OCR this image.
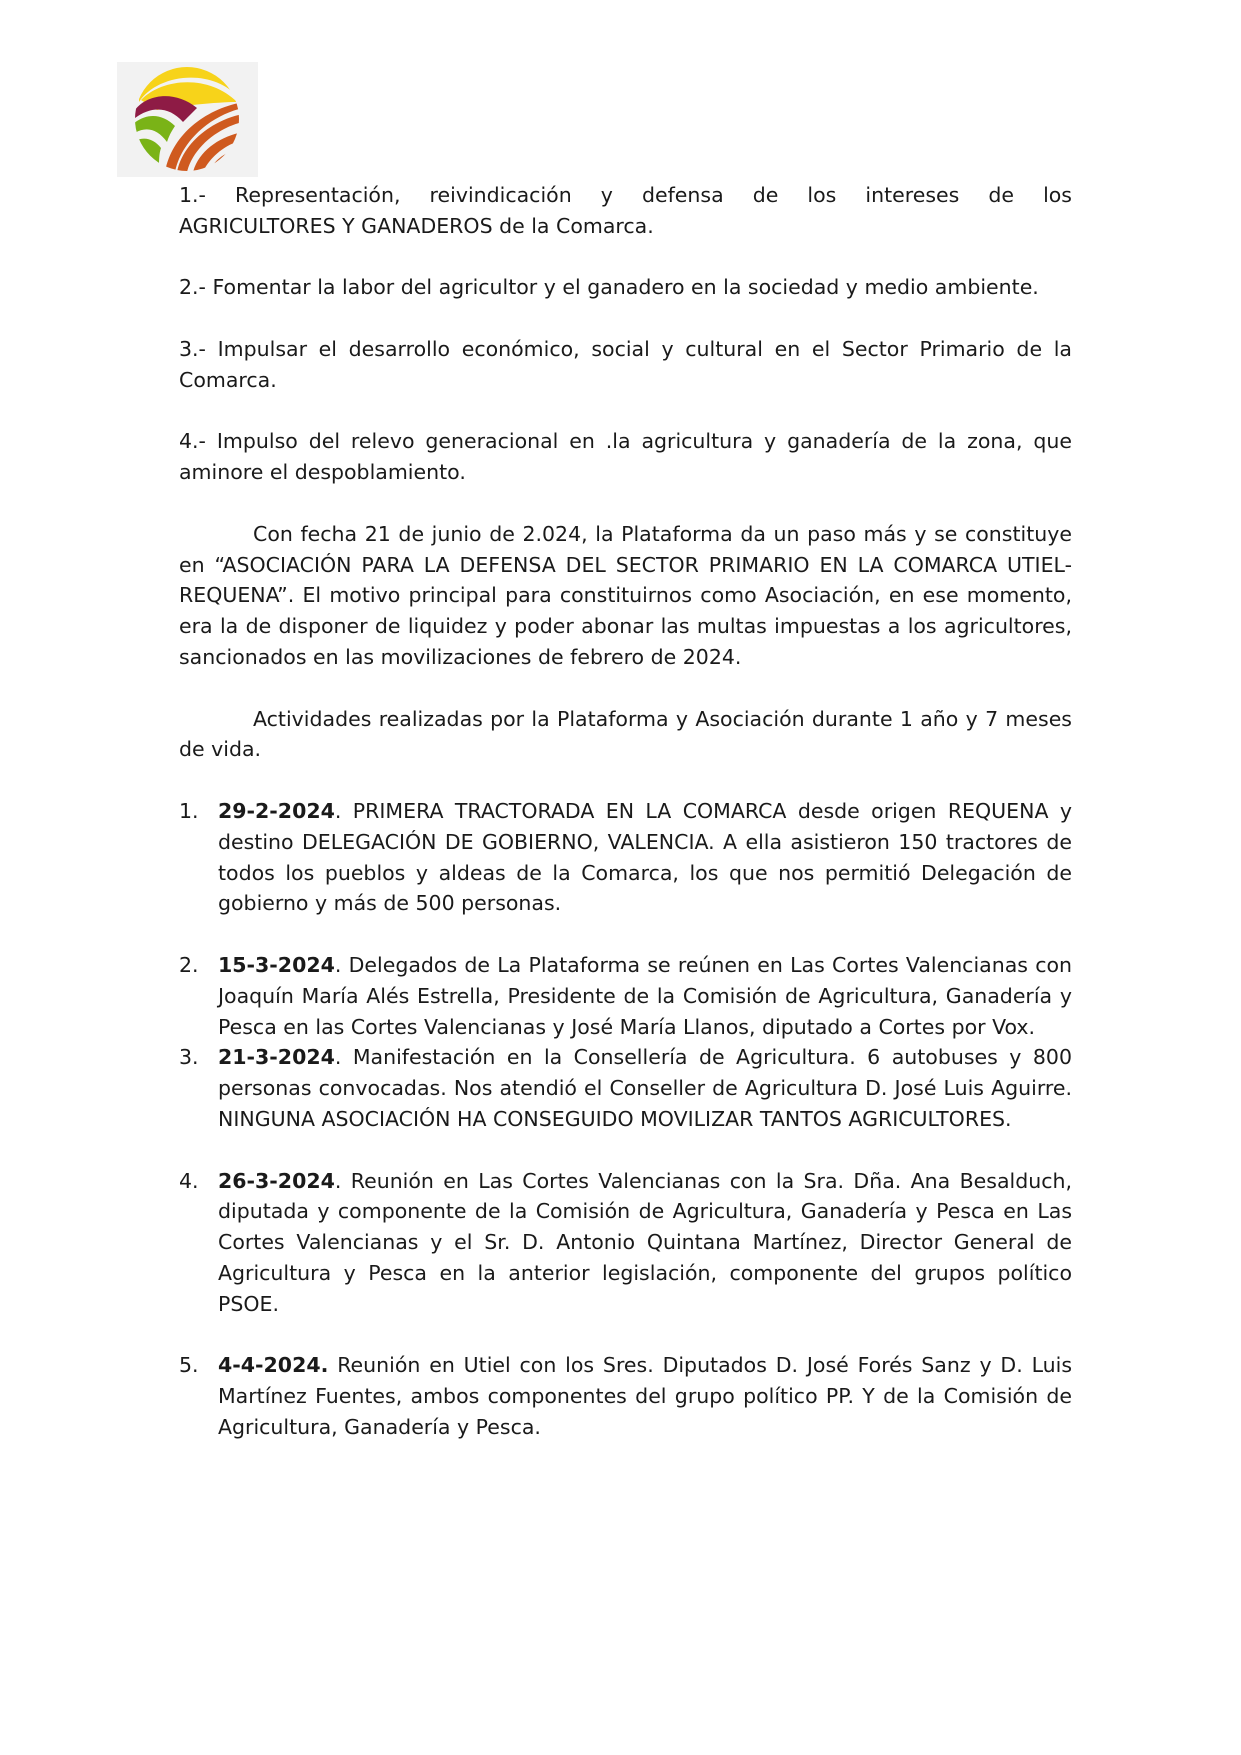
1.- Representación, reivindicación y defensa de los intereses de los

AGRICULTORES Y GANADEROS de la Comarca.

2.- Fomentar la labor del agricultor y el ganadero en la sociedad y medio ambiente.

3.- Impulsar el desarrollo económico, social y cultural en el Sector Primario de la Comarca.

4.- Impulso del relevo generacional en .la agricultura y ganadería de la zona, que aminore el despoblamiento.

Con fecha 21 de junio de 2.024, la Plataforma da un paso más y se constituye en “ASOCIACIÓN PARA LA DEFENSA DEL SECTOR PRIMARIO EN LA COMARCA UTIEL- REQUENA”. El motivo principal para constituirnos como Asociación, en ese momento, era la de disponer de liquidez y poder abonar las multas impuestas a los agricultores, sancionados en las movilizaciones de febrero de 2024.

Actividades realizadas por la Plataforma y Asociación durante 1 año y 7 meses de vida.

1. 29-2-2024. PRIMERA TRACTORADA EN LA COMARCA desde origen REQUENA y destino DELEGACIÓN DE GOBIERNO, VALENCIA. A ella asistieron 150 tractores de todos los pueblos y aldeas de la Comarca, los que nos permitió Delegación de gobierno y más de 500 personas.
2. 15-3-2024. Delegados de La Plataforma se reúnen en Las Cortes Valencianas con Joaquín María Alés Estrella, Presidente de la Comisión de Agricultura, Ganadería y Pesca en las Cortes Valencianas y José María Llanos, diputado a Cortes por Vox.
3. 21-3-2024. Manifestación en la Consellería de Agricultura. 6 autobuses y 800 personas convocadas. Nos atendió el Conseller de Agricultura D. José Luis Aguirre. NINGUNA ASOCIACIÓN HA CONSEGUIDO MOVILIZAR TANTOS AGRICULTORES.
4. 26-3-2024. Reunión en Las Cortes Valencianas con la Sra. Dña. Ana Besalduch, diputada y componente de la Comisión de Agricultura, Ganadería y Pesca en Las Cortes Valencianas y el Sr. D. Antonio Quintana Martínez, Director General de Agricultura y Pesca en la anterior legislación, componente del grupos político PSOE.
5. 4-4-2024. Reunión en Utiel con los Sres. Diputados D. José Forés Sanz y D. Luis Martínez Fuentes, ambos componentes del grupo político PP. Y de la Comisión de Agricultura, Ganadería y Pesca.
